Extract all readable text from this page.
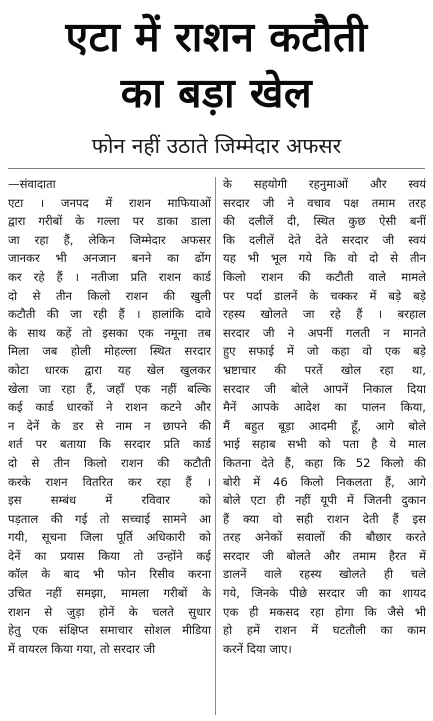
एटा में राशन कटौती
का बड़ा खेल
फोन नहीं उठाते जिम्मेदार अफसर
—संवादाता
एटा । जनपद में राशन माफियाओं
द्वारा गरीबों के गल्ला पर डाका डाला
जा रहा हैं, लेकिन जिम्मेदार अफसर
जानकर भी अनजान बनने का ढोंग
कर रहे हैं । नतीजा प्रति राशन कार्ड
दो से तीन किलो राशन की खुली
कटौती की जा रही हैं । हालांकि दावे
के साथ कहें तो इसका एक नमूना तब
मिला जब होली मोहल्ला स्थित सरदार
कोटा धारक द्वारा यह खेल खुलकर
खेला जा रहा हैं, जहाँ एक नहीं बल्कि
कई कार्ड धारकों ने राशन कटने और
न देनें के डर से नाम न छापने की
शर्त पर बताया कि सरदार प्रति कार्ड
दो से तीन किलो राशन की कटौती
करके राशन वितरित कर रहा हैं ।
इस सम्बंध में रविवार को
पड़ताल की गई तो सच्चाई सामने आ
गयी, सूचना जिला पूर्ति अधिकारी को
देनें का प्रयास किया तो उन्होंने कई
कॉल के बाद भी फोन रिसीव करना
उचित नहीं समझा, मामला गरीबों के
राशन से जुड़ा होनें के चलते सुधार
हेतु एक संक्षिप्त समाचार सोशल मीडिया
में वायरल किया गया, तो सरदार जी
के सहयोगी रहनुमाओं और स्वयं
सरदार जी ने वचाव पक्ष तमाम तरह
की दलीलें दी, स्थित कुछ ऐसी बनीं
कि दलीलें देते देते सरदार जी स्वयं
यह भी भूल गये कि वो दो से तीन
किलो राशन की कटौती वाले मामले
पर पर्दा डालनें के चक्कर में बड़े बड़े
रहस्य खोलते जा रहे हैं । बरहाल
सरदार जी ने अपनीं गलती न मानते
हुए सफाई में जो कहा वो एक बड़े
भ्रष्टाचार की परतें खोल रहा था,
सरदार जी बोले आपनें निकाल दिया
मैनें आपके आदेश का पालन किया,
मैं बहुत बूड़ा आदमी हूँ, आगे बोले
भाई सहाब सभी को पता है ये माल
कितना देते हैं, कहा कि 52 किलो की
बोरी में 46 किलो निकलता हैं, आगे
बोले एटा ही नहीं यूपी में जितनी दुकान
हैं क्या वो सही राशन देती हैं इस
तरह अनेकों सवालों की बौछार करते
सरदार जी बोलते और तमाम हैरत में
डालनें वाले रहस्य खोलते ही चले
गये, जिनके पीछे सरदार जी का शायद
एक ही मकसद रहा होगा कि जैसे भी
हो हमें राशन में घटतौली का काम
करनें दिया जाए।
